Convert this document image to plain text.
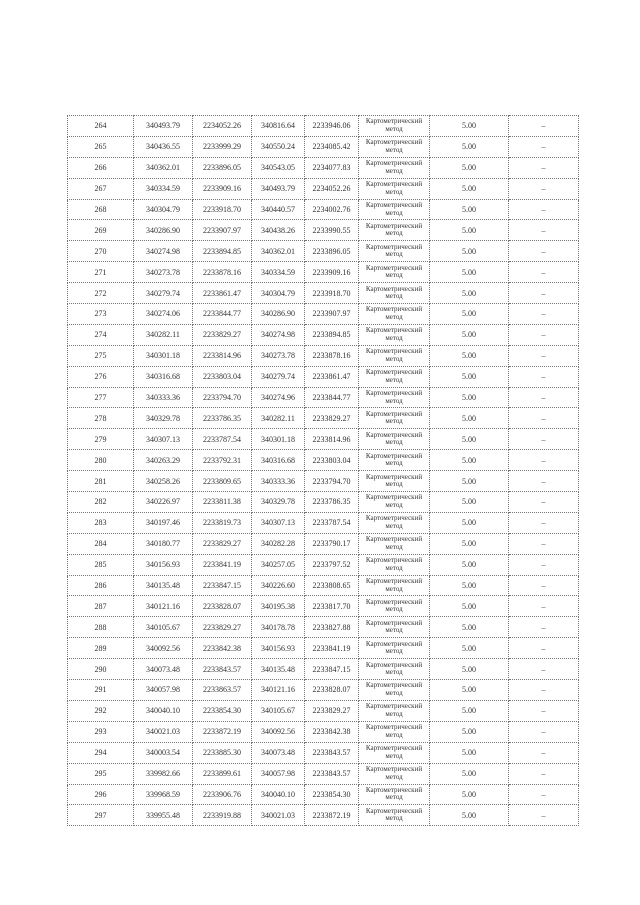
264	340493.79	2234052.26	340816.64	2233946.06	Картометрический метод	5.00	–
265	340436.55	2233999.29	340550.24	2234085.42	Картометрический метод	5.00	–
266	340362.01	2233896.05	340543.05	2234077.83	Картометрический метод	5.00	–
267	340334.59	2233909.16	340493.79	2234052.26	Картометрический метод	5.00	–
268	340304.79	2233918.70	340440.57	2234002.76	Картометрический метод	5.00	–
269	340286.90	2233907.97	340438.26	2233990.55	Картометрический метод	5.00	–
270	340274.98	2233894.85	340362.01	2233896.05	Картометрический метод	5.00	–
271	340273.78	2233878.16	340334.59	2233909.16	Картометрический метод	5.00	–
272	340279.74	2233861.47	340304.79	2233918.70	Картометрический метод	5.00	–
273	340274.06	2233844.77	340286.90	2233907.97	Картометрический метод	5.00	–
274	340282.11	2233829.27	340274.98	2233894.85	Картометрический метод	5.00	–
275	340301.18	2233814.96	340273.78	2233878.16	Картометрический метод	5.00	–
276	340316.68	2233803.04	340279.74	2233861.47	Картометрический метод	5.00	–
277	340333.36	2233794.70	340274.96	2233844.77	Картометрический метод	5.00	–
278	340329.78	2233786.35	340282.11	2233829.27	Картометрический метод	5.00	–
279	340307.13	2233787.54	340301.18	2233814.96	Картометрический метод	5.00	–
280	340263.29	2233792.31	340316.68	2233803.04	Картометрический метод	5.00	–
281	340258.26	2233809.65	340333.36	2233794.70	Картометрический метод	5.00	–
282	340226.97	2233811.38	340329.78	2233786.35	Картометрический метод	5.00	–
283	340197.46	2233819.73	340307.13	2233787.54	Картометрический метод	5.00	–
284	340180.77	2233829.27	340282.28	2233790.17	Картометрический метод	5.00	–
285	340156.93	2233841.19	340257.05	2233797.52	Картометрический метод	5.00	–
286	340135.48	2233847.15	340226.60	2233808.65	Картометрический метод	5.00	–
287	340121.16	2233828.07	340195.38	2233817.70	Картометрический метод	5.00	–
288	340105.67	2233829.27	340178.78	2233827.88	Картометрический метод	5.00	–
289	340092.56	2233842.38	340156.93	2233841.19	Картометрический метод	5.00	–
290	340073.48	2233843.57	340135.48	2233847.15	Картометрический метод	5.00	–
291	340057.98	2233863.57	340121.16	2233828.07	Картометрический метод	5.00	–
292	340040.10	2233854.30	340105.67	2233829.27	Картометрический метод	5.00	–
293	340021.03	2233872.19	340092.56	2233842.38	Картометрический метод	5.00	–
294	340003.54	2233885.30	340073.48	2233843.57	Картометрический метод	5.00	–
295	339982.66	2233899.61	340057.98	2233843.57	Картометрический метод	5.00	–
296	339968.59	2233906.76	340040.10	2233854.30	Картометрический метод	5.00	–
297	339955.48	2233919.88	340021.03	2233872.19	Картометрический метод	5.00	–
